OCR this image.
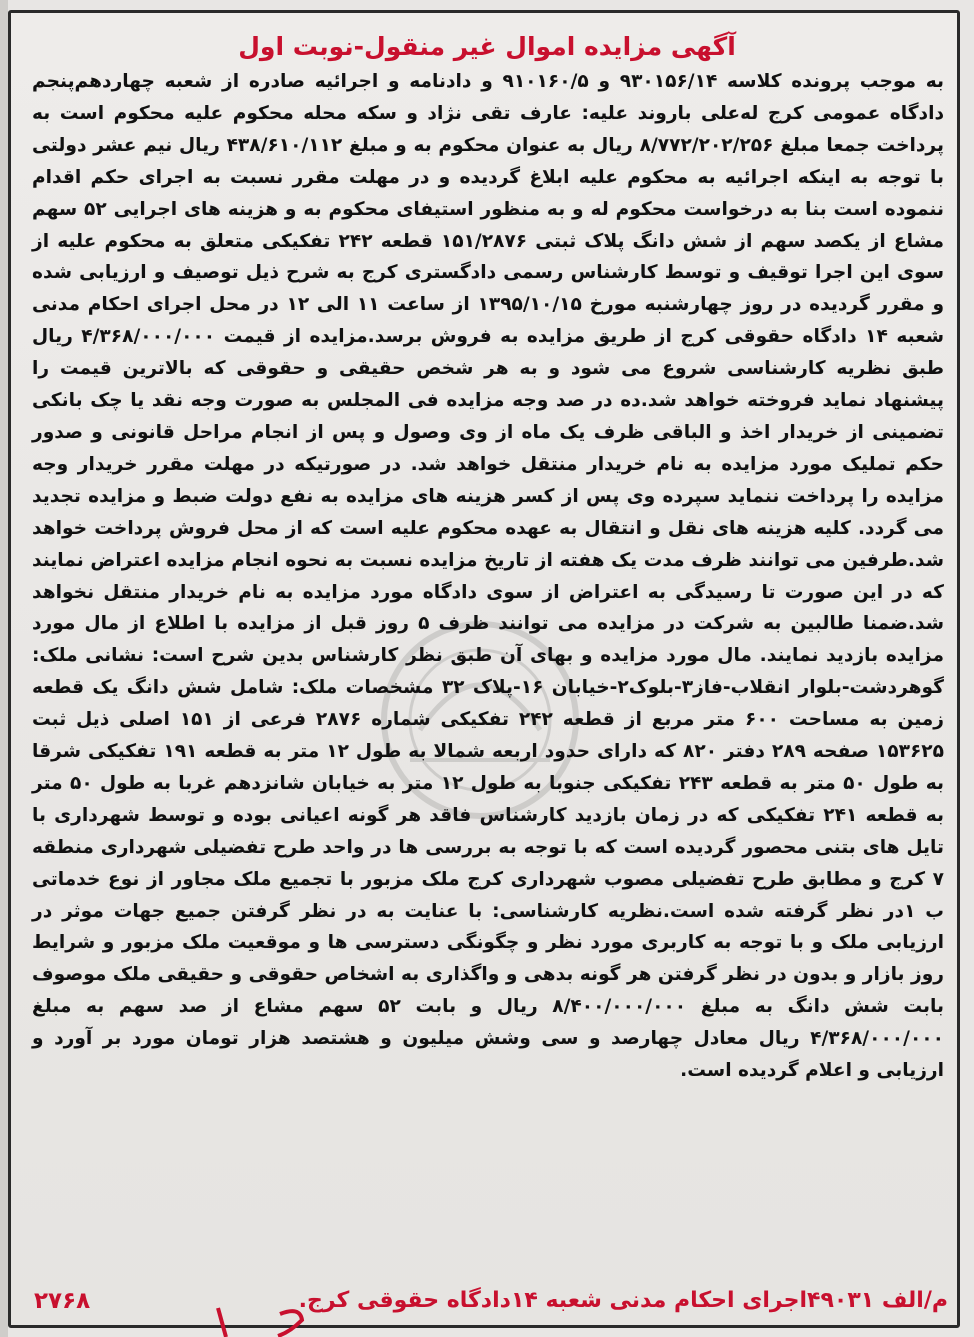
آگهی مزایده اموال غیر منقول-نوبت اول

به موجب پرونده کلاسه ۹۳۰۱۵۶/۱۴ و ۹۱۰۱۶۰/۵ و دادنامه و اجرائیه صادره از شعبه چهاردهم‌پنجم دادگاه عمومی کرج له‌علی باروند علیه: عارف تقی نژاد و سکه محله محکوم علیه محکوم است به پرداخت جمعا مبلغ ۸/۷۷۲/۲۰۲/۲۵۶ ریال به عنوان محکوم به و مبلغ ۴۳۸/۶۱۰/۱۱۲ ریال نیم عشر دولتی با توجه به اینکه اجرائیه به محکوم علیه ابلاغ گردیده و در مهلت مقرر نسبت به اجرای حکم اقدام ننموده است بنا به درخواست محکوم له و به منظور استیفای محکوم به و هزینه های اجرایی ۵۲ سهم مشاع از یکصد سهم از شش دانگ پلاک ثبتی ۱۵۱/۲۸۷۶ قطعه ۲۴۲ تفکیکی متعلق به محکوم علیه از سوی این اجرا توقیف و توسط کارشناس رسمی دادگستری کرج به شرح ذیل توصیف و ارزیابی شده و مقرر گردیده در روز چهارشنبه مورخ ۱۳۹۵/۱۰/۱۵ از ساعت ۱۱ الی ۱۲ در محل اجرای احکام مدنی شعبه ۱۴ دادگاه حقوقی کرج از طریق مزایده به فروش برسد.مزایده از قیمت ۴/۳۶۸/۰۰۰/۰۰۰ ریال طبق نظریه کارشناسی شروع می شود و به هر شخص حقیقی و حقوقی که بالاترین قیمت را پیشنهاد نماید فروخته خواهد شد.ده در صد وجه مزایده فی المجلس به صورت وجه نقد یا چک بانکی تضمینی از خریدار اخذ و الباقی ظرف یک ماه از وی وصول و پس از انجام مراحل قانونی و صدور حکم تملیک مورد مزایده به نام خریدار منتقل خواهد شد. در صورتیکه در مهلت مقرر خریدار وجه مزایده را پرداخت ننماید سپرده وی پس از کسر هزینه های مزایده به نفع دولت ضبط و مزایده تجدید می گردد. کلیه هزینه های نقل و انتقال به عهده محکوم علیه است که از محل فروش پرداخت خواهد شد.طرفین می توانند ظرف مدت یک هفته از تاریخ مزایده نسبت به نحوه انجام مزایده اعتراض نمایند که در این صورت تا رسیدگی به اعتراض از سوی دادگاه مورد مزایده به نام خریدار منتقل نخواهد شد.ضمنا طالبین به شرکت در مزایده می توانند ظرف ۵ روز قبل از مزایده با اطلاع از مال مورد مزایده بازدید نمایند. مال مورد مزایده و بهای آن طبق نظر کارشناس بدین شرح است: نشانی ملک: گوهردشت-بلوار انقلاب-فاز۳-بلوک۲-خیابان ۱۶-پلاک ۳۲ مشخصات ملک: شامل شش دانگ یک قطعه زمین به مساحت ۶۰۰ متر مربع از قطعه ۲۴۲ تفکیکی شماره ۲۸۷۶ فرعی از ۱۵۱ اصلی ذیل ثبت ۱۵۳۶۲۵ صفحه ۲۸۹ دفتر ۸۲۰ که دارای حدود اربعه شمالا به طول ۱۲ متر به قطعه ۱۹۱ تفکیکی شرقا به طول ۵۰ متر به قطعه ۲۴۳ تفکیکی جنوبا به طول ۱۲ متر به خیابان شانزدهم غربا به طول ۵۰ متر به قطعه ۲۴۱ تفکیکی که در زمان بازدید کارشناس فاقد هر گونه اعیانی بوده و توسط شهرداری با تایل های بتنی محصور گردیده است که با توجه به بررسی ها در واحد طرح تفضیلی شهرداری منطقه ۷ کرج و مطابق طرح تفضیلی مصوب شهرداری کرج ملک مزبور با تجمیع ملک مجاور از نوع خدماتی ب ۱در نظر گرفته شده است.نظریه کارشناسی: با عنایت به در نظر گرفتن جمیع جهات موثر در ارزیابی ملک و با توجه به کاربری مورد نظر و چگونگی دسترسی ها و موقعیت ملک مزبور و شرایط روز بازار و بدون در نظر گرفتن هر گونه بدهی و واگذاری به اشخاص حقوقی و حقیقی ملک موصوف بابت شش دانگ به مبلغ ۸/۴۰۰/۰۰۰/۰۰۰ ریال و بابت ۵۲ سهم مشاع از صد سهم به مبلغ ۴/۳۶۸/۰۰۰/۰۰۰ ریال معادل چهارصد و سی وشش میلیون و هشتصد هزار تومان مورد بر آورد و ارزیابی و اعلام گردیده است.

م/الف ۴۹۰۳۱اجرای احکام مدنی شعبه ۱۴دادگاه حقوقی کرج.
۲۷۶۸
